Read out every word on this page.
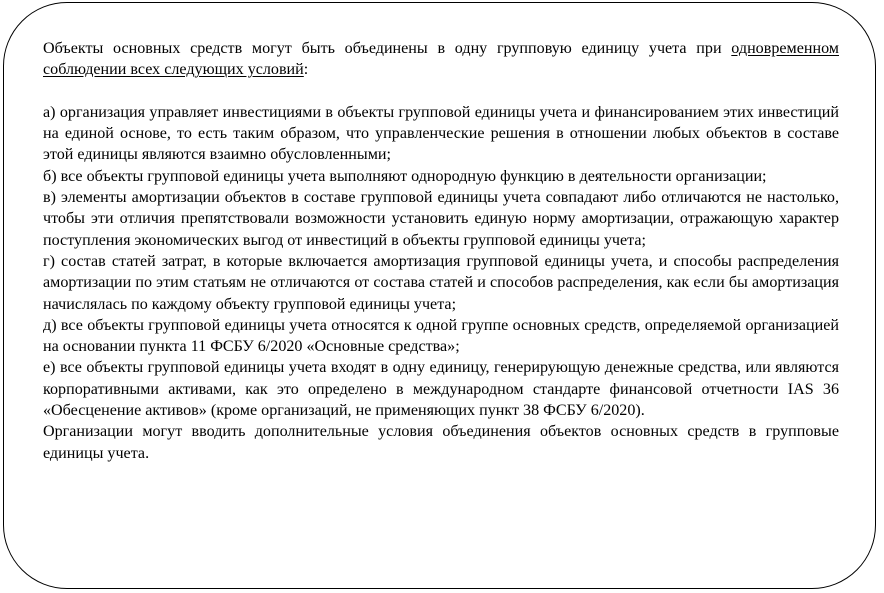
Объекты основных средств могут быть объединены в одну групповую единицу учета при одновременном соблюдении всех следующих условий:

а) организация управляет инвестициями в объекты групповой единицы учета и финансированием этих инвестиций на единой основе, то есть таким образом, что управленческие решения в отношении любых объектов в составе этой единицы являются взаимно обусловленными;

б) все объекты групповой единицы учета выполняют однородную функцию в деятельности организации;

в) элементы амортизации объектов в составе групповой единицы учета совпадают либо отличаются не настолько, чтобы эти отличия препятствовали возможности установить единую норму амортизации, отражающую характер поступления экономических выгод от инвестиций в объекты групповой единицы учета;

г) состав статей затрат, в которые включается амортизация групповой единицы учета, и способы распределения амортизации по этим статьям не отличаются от состава статей и способов распределения, как если бы амортизация начислялась по каждому объекту групповой единицы учета;

д) все объекты групповой единицы учета относятся к одной группе основных средств, определяемой организацией на основании пункта 11 ФСБУ 6/2020 «Основные средства»;

е) все объекты групповой единицы учета входят в одну единицу, генерирующую денежные средства, или являются корпоративными активами, как это определено в международном стандарте финансовой отчетности IAS 36 «Обесценение активов» (кроме организаций, не применяющих пункт 38 ФСБУ 6/2020).

Организации могут вводить дополнительные условия объединения объектов основных средств в групповые единицы учета.
